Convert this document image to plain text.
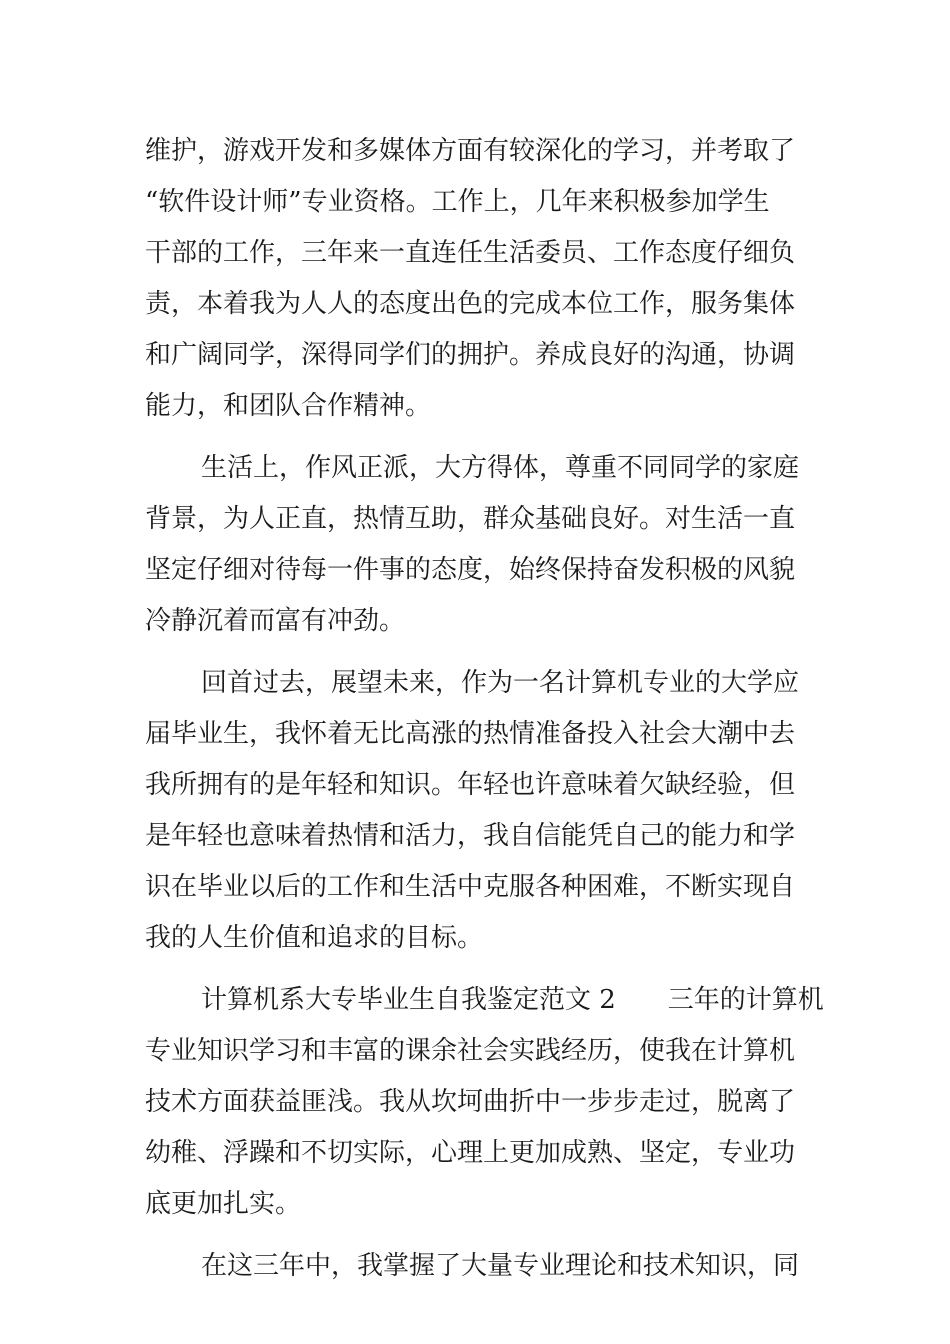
维护，游戏开发和多媒体方面有较深化的学习，并考取了
“软件设计师”专业资格。工作上，几年来积极参加学生
干部的工作，三年来一直连任生活委员、工作态度仔细负
责，本着我为人人的态度出色的完成本位工作，服务集体
和广阔同学，深得同学们的拥护。养成良好的沟通，协调
能力，和团队合作精神。
生活上，作风正派，大方得体，尊重不同同学的家庭
背景，为人正直，热情互助，群众基础良好。对生活一直
坚定仔细对待每一件事的态度，始终保持奋发积极的风貌
冷静沉着而富有冲劲。
回首过去，展望未来，作为一名计算机专业的大学应
届毕业生，我怀着无比高涨的热情准备投入社会大潮中去
我所拥有的是年轻和知识。年轻也许意味着欠缺经验，但
是年轻也意味着热情和活力，我自信能凭自己的能力和学
识在毕业以后的工作和生活中克服各种困难，不断实现自
我的人生价值和追求的目标。
计算机系大专毕业生自我鉴定范文 2　　三年的计算机
专业知识学习和丰富的课余社会实践经历，使我在计算机
技术方面获益匪浅。我从坎坷曲折中一步步走过，脱离了
幼稚、浮躁和不切实际，心理上更加成熟、坚定，专业功
底更加扎实。
在这三年中，我掌握了大量专业理论和技术知识，同
